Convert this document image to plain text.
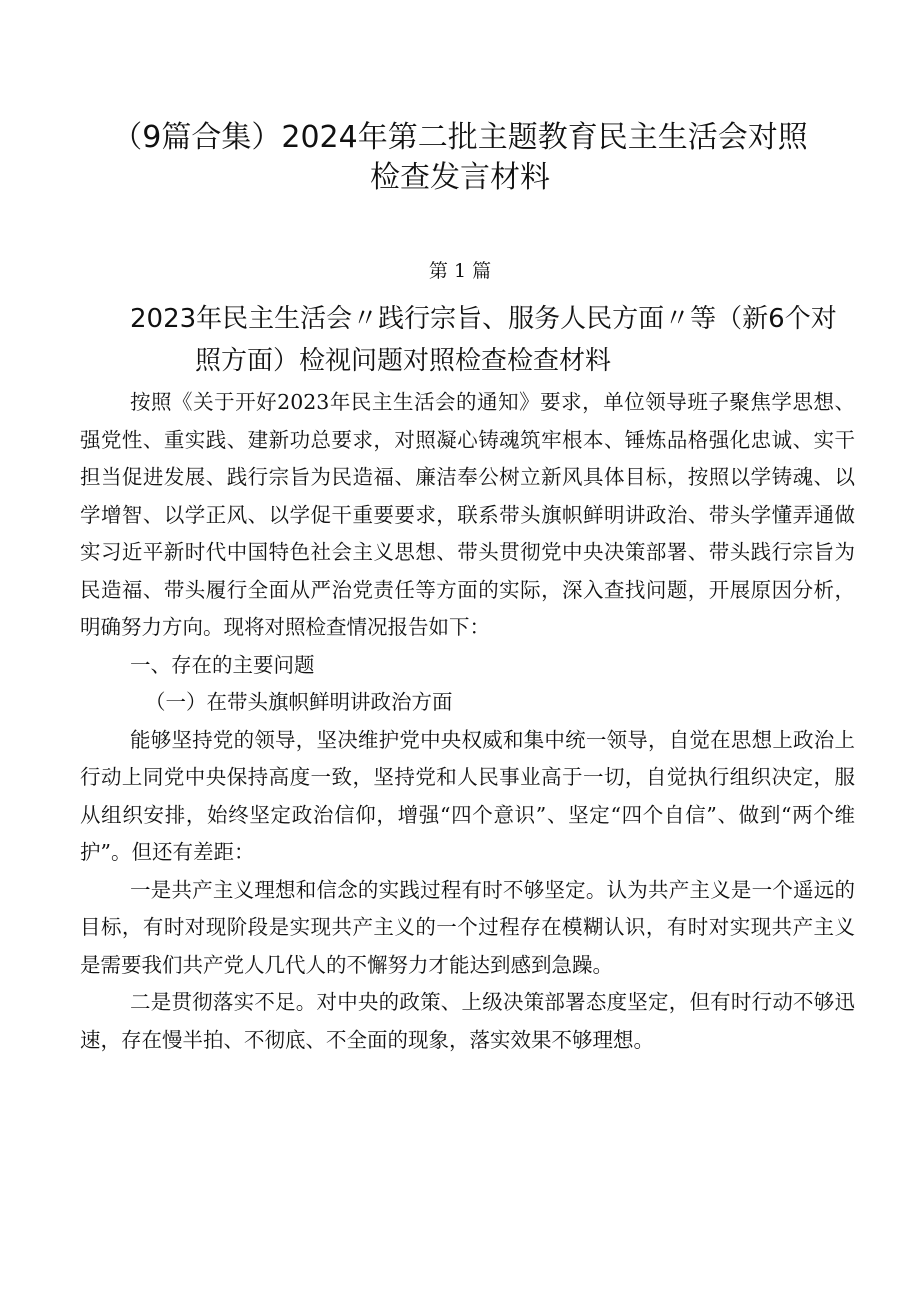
（9篇合集）2024年第二批主题教育民主生活会对照
检查发言材料
第 1 篇
2023年民主生活会〃践行宗旨、服务人民方面〃等（新6个对
照方面）检视问题对照检查检查材料

按照《关于开好2023年民主生活会的通知》要求，单位领导班子聚焦学思想、强党性、重实践、建新功总要求，对照凝心铸魂筑牢根本、锤炼品格强化忠诚、实干担当促进发展、践行宗旨为民造福、廉洁奉公树立新风具体目标，按照以学铸魂、以学增智、以学正风、以学促干重要要求，联系带头旗帜鲜明讲政治、带头学懂弄通做实习近平新时代中国特色社会主义思想、带头贯彻党中央决策部署、带头践行宗旨为民造福、带头履行全面从严治党责任等方面的实际，深入查找问题，开展原因分析，明确努力方向。现将对照检查情况报告如下：

一、存在的主要问题

（一）在带头旗帜鲜明讲政治方面

能够坚持党的领导，坚决维护党中央权威和集中统一领导，自觉在思想上政治上行动上同党中央保持高度一致，坚持党和人民事业高于一切，自觉执行组织决定，服从组织安排，始终坚定政治信仰，增强“四个意识”、坚定“四个自信”、做到“两个维护”。但还有差距：

一是共产主义理想和信念的实践过程有时不够坚定。认为共产主义是一个遥远的目标，有时对现阶段是实现共产主义的一个过程存在模糊认识，有时对实现共产主义是需要我们共产党人几代人的不懈努力才能达到感到急躁。

二是贯彻落实不足。对中央的政策、上级决策部署态度坚定，但有时行动不够迅速，存在慢半拍、不彻底、不全面的现象，落实效果不够理想。
